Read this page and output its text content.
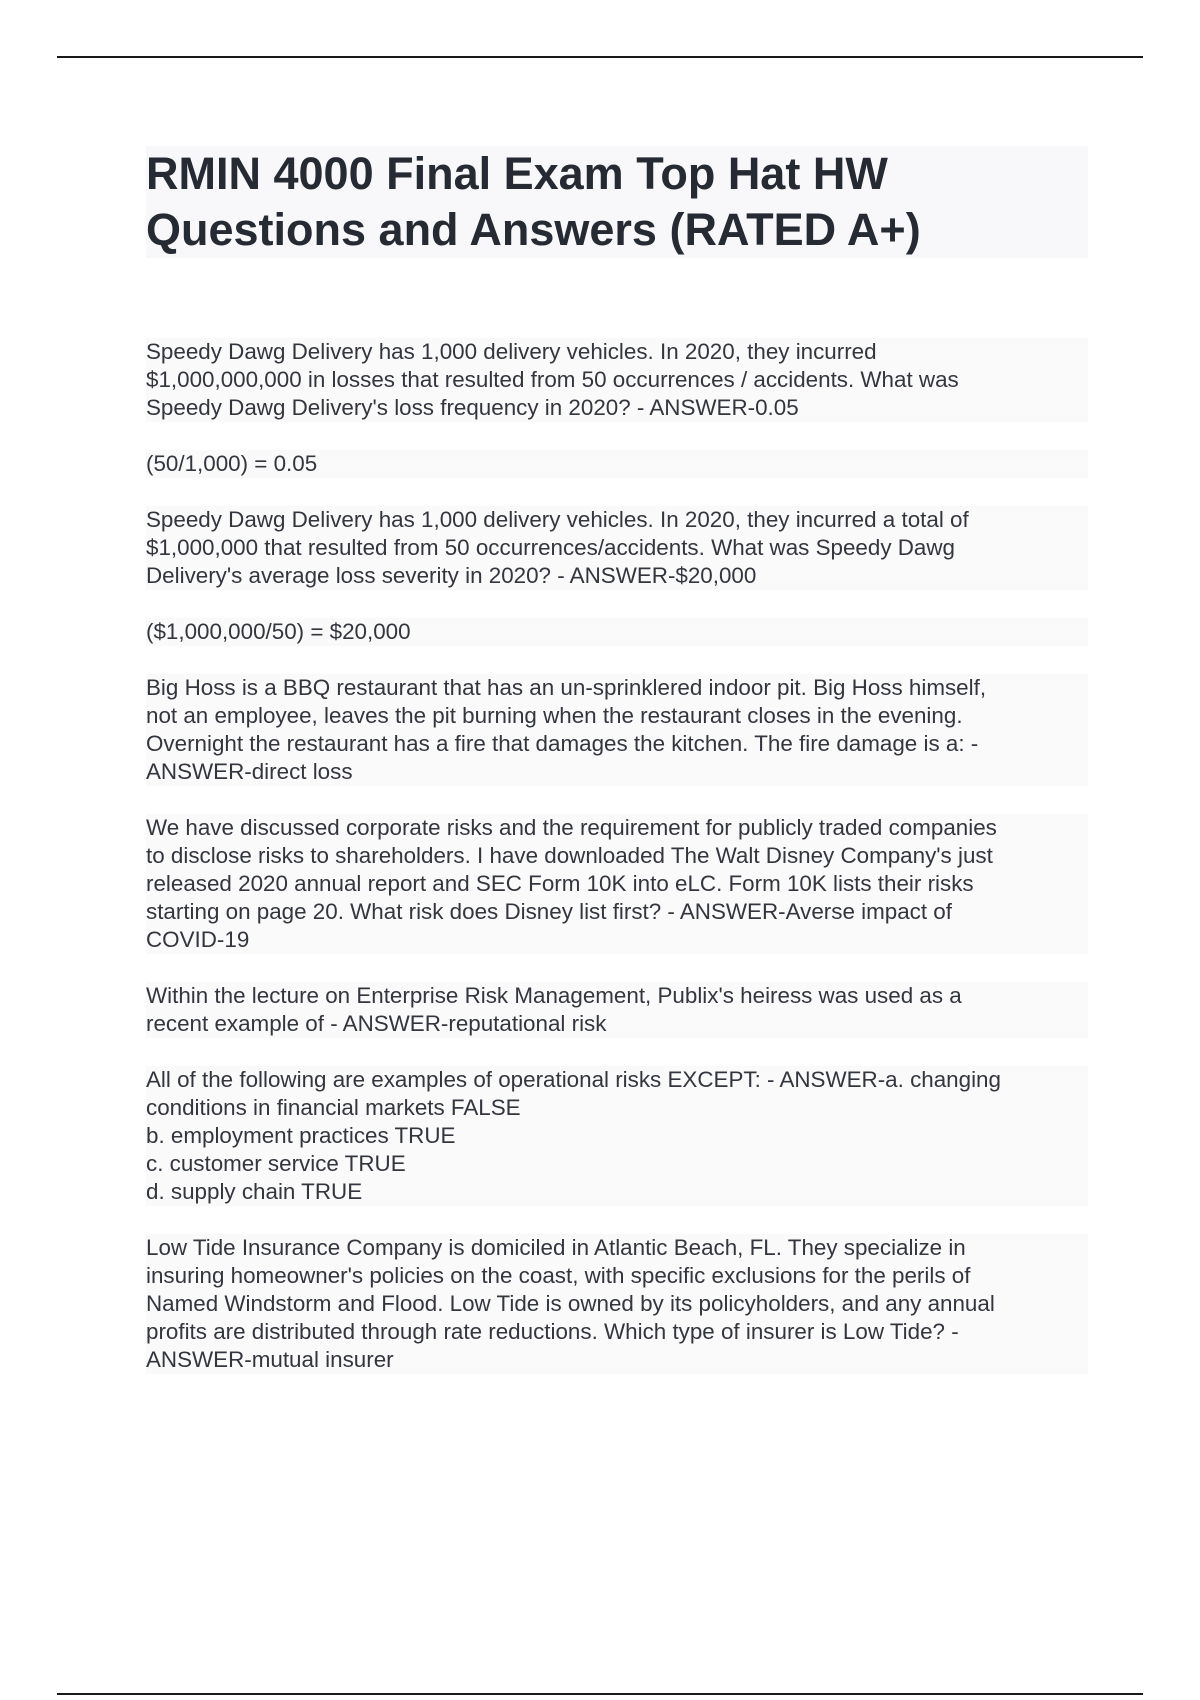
RMIN 4000 Final Exam Top Hat HW
Questions and Answers (RATED A+)

Speedy Dawg Delivery has 1,000 delivery vehicles. In 2020, they incurred
$1,000,000,000 in losses that resulted from 50 occurrences / accidents. What was
Speedy Dawg Delivery's loss frequency in 2020? - ANSWER-0.05

(50/1,000) = 0.05

Speedy Dawg Delivery has 1,000 delivery vehicles. In 2020, they incurred a total of
$1,000,000 that resulted from 50 occurrences/accidents. What was Speedy Dawg
Delivery's average loss severity in 2020? - ANSWER-$20,000

($1,000,000/50) = $20,000

Big Hoss is a BBQ restaurant that has an un-sprinklered indoor pit. Big Hoss himself,
not an employee, leaves the pit burning when the restaurant closes in the evening.
Overnight the restaurant has a fire that damages the kitchen. The fire damage is a: -
ANSWER-direct loss

We have discussed corporate risks and the requirement for publicly traded companies
to disclose risks to shareholders. I have downloaded The Walt Disney Company's just
released 2020 annual report and SEC Form 10K into eLC. Form 10K lists their risks
starting on page 20. What risk does Disney list first? - ANSWER-Averse impact of
COVID-19

Within the lecture on Enterprise Risk Management, Publix's heiress was used as a
recent example of - ANSWER-reputational risk

All of the following are examples of operational risks EXCEPT: - ANSWER-a. changing
conditions in financial markets FALSE
b. employment practices TRUE
c. customer service TRUE
d. supply chain TRUE

Low Tide Insurance Company is domiciled in Atlantic Beach, FL. They specialize in
insuring homeowner's policies on the coast, with specific exclusions for the perils of
Named Windstorm and Flood. Low Tide is owned by its policyholders, and any annual
profits are distributed through rate reductions. Which type of insurer is Low Tide? -
ANSWER-mutual insurer
